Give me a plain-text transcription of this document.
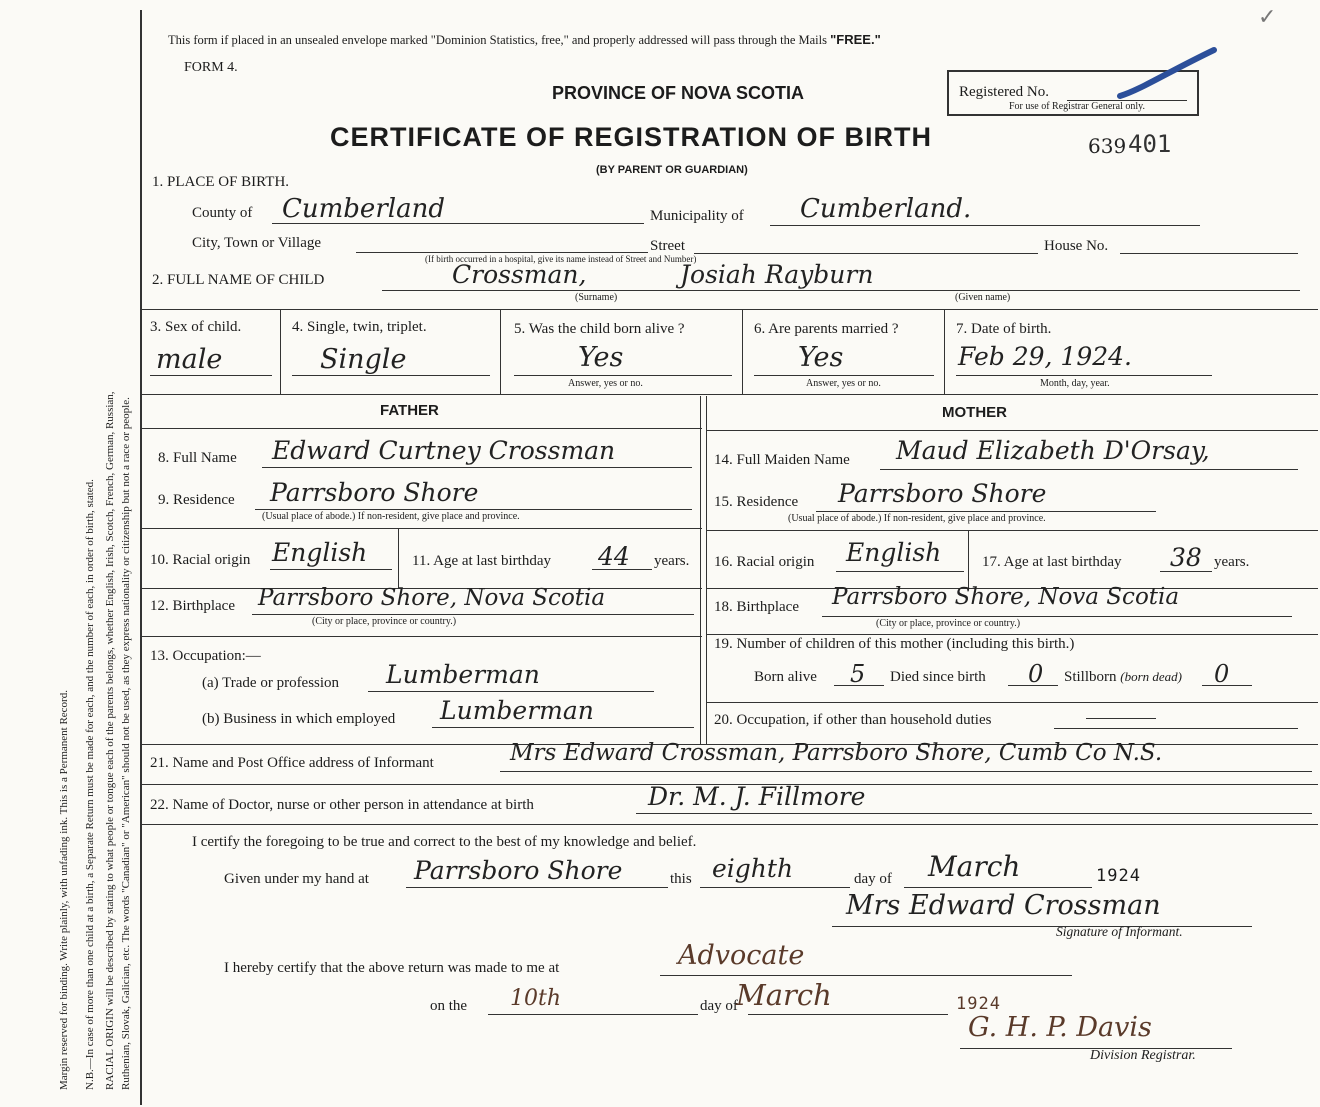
Margin reserved for binding. Write plainly, with unfading ink. This is a Permanent Record. N.B.—In case of more than one child at a birth, a Separate Return must be made for each, and the number of each, in order of birth, stated. RACIAL ORIGIN will be described by stating to what people or tongue each of the parents belongs, whether English, Irish, Scotch, French, German, Russian, Ruthenian, Slovak, Galician, etc. The words "Canadian" or "American" should not be used, as they express nationality or citizenship but not a race or people.
✓
This form if placed in an unsealed envelope marked "Dominion Statistics, free," and properly addressed will pass through the Mails "FREE."
FORM 4.
PROVINCE OF NOVA SCOTIA	Registered No.
For use of Registrar General only.
CERTIFICATE OF REGISTRATION OF BIRTH	639 401
(BY PARENT OR GUARDIAN)
1. PLACE OF BIRTH.
County of Cumberland	Municipality of Cumberland.
City, Town or Village	Street	House No.
(If birth occurred in a hospital, give its name instead of Street and Number)
2. FULL NAME OF CHILD	Crossman,	Josiah Rayburn
(Surname)	(Given name)
3. Sex of child.
male
4. Single, twin, triplet.
Single
5. Was the child born alive ?
Yes
Answer, yes or no.
6. Are parents married ?
Yes
Answer, yes or no.
7. Date of birth.
Feb 29, 1924.
Month, day, year.
FATHER	MOTHER
8. Full Name Edward Curtney Crossman
9. Residence Parrsboro Shore
(Usual place of abode.) If non-resident, give place and province.
10. Racial origin English	11. Age at last birthday 44 years.
12. Birthplace Parrsboro Shore, Nova Scotia
(City or place, province or country.)
13. Occupation:—
(a) Trade or profession Lumberman
(b) Business in which employed Lumberman
14. Full Maiden Name Maud Elizabeth D'Orsay,
15. Residence Parrsboro Shore
(Usual place of abode.) If non-resident, give place and province.
16. Racial origin English	17. Age at last birthday 38 years.
18. Birthplace Parrsboro Shore, Nova Scotia
(City or place, province or country.)
19. Number of children of this mother (including this birth.)
Born alive 5 Died since birth 0 Stillborn (born dead) 0
20. Occupation, if other than household duties
21. Name and Post Office address of Informant	Mrs Edward Crossman, Parrsboro Shore, Cumb Co N.S.
22. Name of Doctor, nurse or other person in attendance at birth	Dr. M. J. Fillmore
I certify the foregoing to be true and correct to the best of my knowledge and belief.
Given under my hand at Parrsboro Shore	this eighth	day of March	1924
Mrs Edward Crossman
Signature of Informant.
I hereby certify that the above return was made to me at	Advocate
on the 10th	day of
March	1924
G. H. P. Davis
Division Registrar.
